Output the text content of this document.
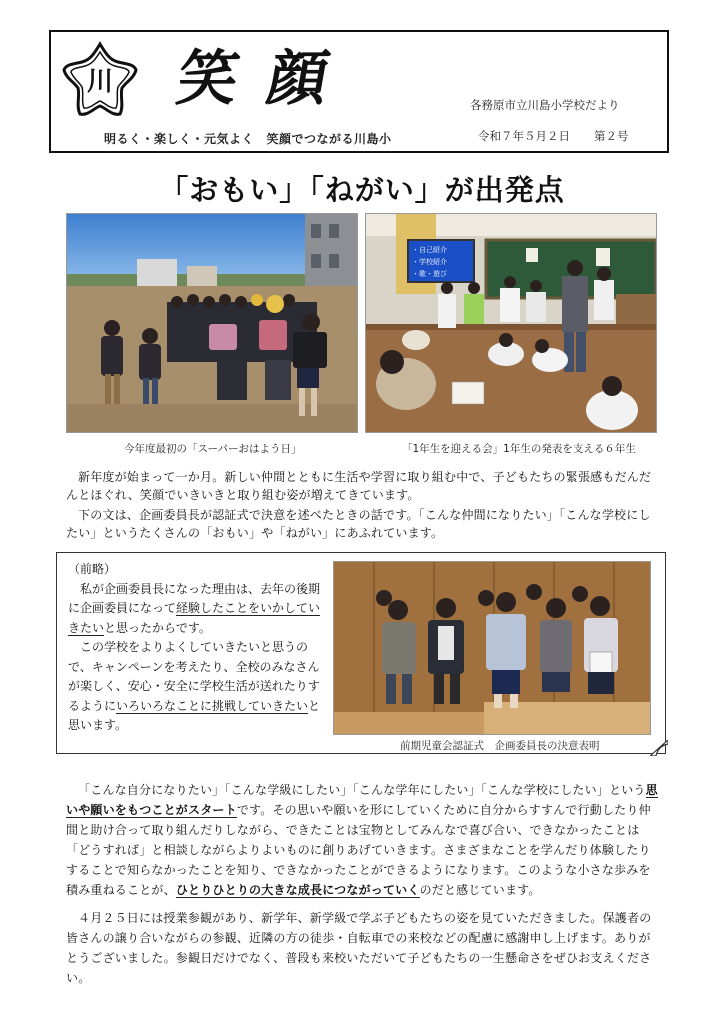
川 笑顔
明るく・楽しく・元気よく　笑顔でつながる川島小
各務原市立川島小学校だより
令和７年５月２日 第２号
「おもい」「ねがい」が出発点
今年度最初の「スーパーおはよう日」
・自己紹介
・学校紹介
・歌・遊び
「1年生を迎える会」1年生の発表を支える６年生

新年度が始まって一か月。新しい仲間とともに生活や学習に取り組む中で、子どもたちの緊張感もだんだんとほぐれ、笑顔でいきいきと取り組む姿が増えてきています。

下の文は、企画委員長が認証式で決意を述べたときの話です。「こんな仲間になりたい」「こんな学校にしたい」というたくさんの「おもい」や「ねがい」にあふれています。

（前略）

私が企画委員長になった理由は、去年の後期に企画委員になって経験したことをいかしていきたいと思ったからです。

この学校をよりよくしていきたいと思うので、キャンペーンを考えたり、全校のみなさんが楽しく、安心・安全に学校生活が送れたりするようにいろいろなことに挑戦していきたいと思います。

前期児童会認証式　企画委員長の決意表明

「こんな自分になりたい」「こんな学級にしたい」「こんな学年にしたい」「こんな学校にしたい」という思いや願いをもつことがスタートです。その思いや願いを形にしていくために自分からすすんで行動したり仲間と助け合って取り組んだりしながら、できたことは宝物としてみんなで喜び合い、できなかったことは「どうすれば」と相談しながらよりよいものに創りあげていきます。さまざまなことを学んだり体験したりすることで知らなかったことを知り、できなかったことができるようになります。このような小さな歩みを積み重ねることが、ひとりひとりの大きな成長につながっていくのだと感じています。

４月２５日には授業参観があり、新学年、新学級で学ぶ子どもたちの姿を見ていただきました。保護者の皆さんの譲り合いながらの参観、近隣の方の徒歩・自転車での来校などの配慮に感謝申し上げます。ありがとうございました。参観日だけでなく、普段も来校いただいて子どもたちの一生懸命さをぜひお支えください。
